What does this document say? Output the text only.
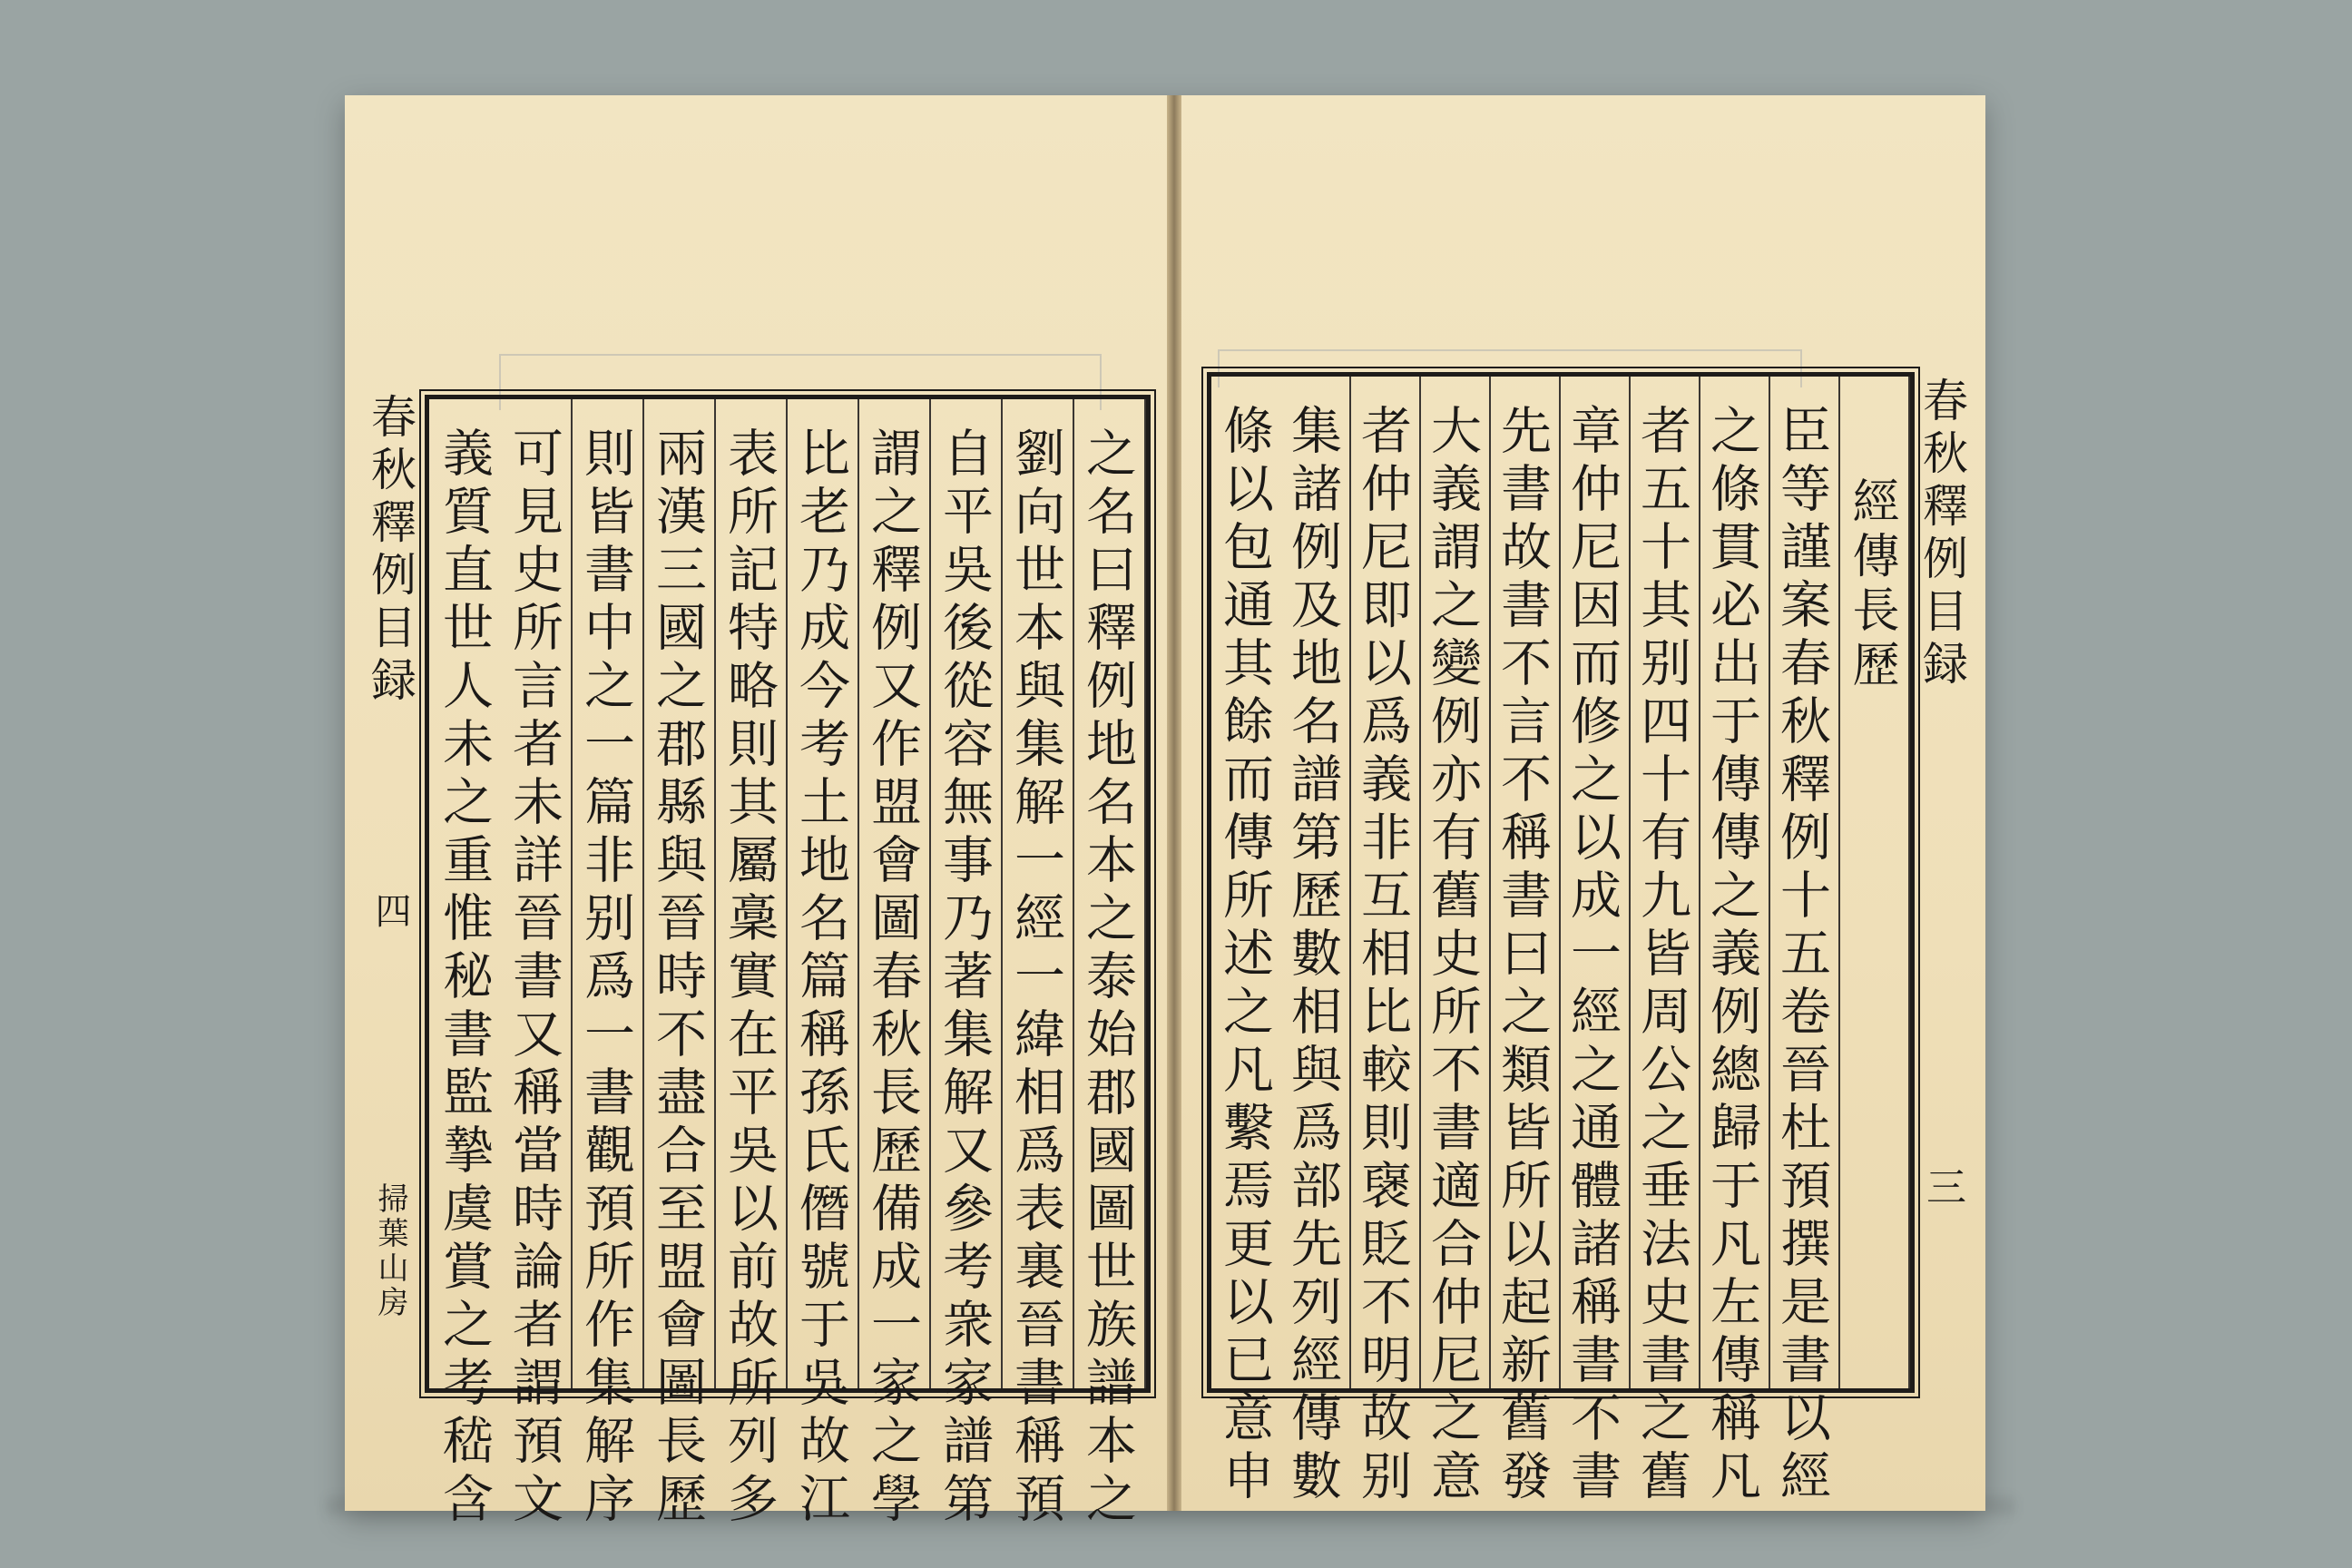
春秋釋例目録
四
掃葉山房	之名曰釋例地名本之泰始郡國圖世族譜本之
劉向世本與集解一經一緯相爲表裏晉書稱預
自平吳後從容無事乃著集解又參考衆家譜第
謂之釋例又作盟會圖春秋長歷備成一家之學
比老乃成今考土地名篇稱孫氏僭號于吳故江
表所記特略則其屬稾實在平吳以前故所列多
兩漢三國之郡縣與晉時不盡合至盟會圖長歷
則皆書中之一篇非别爲一書觀預所作集解序
可見史所言者未詳晉書又稱當時論者謂預文
義質直世人未之重惟秘書監摯虞賞之考嵇含	經傳長歷
臣等謹案春秋釋例十五卷晉杜預撰是書以經
之條貫必出于傳傳之義例總歸于凡左傳稱凡
者五十其别四十有九皆周公之垂法史書之舊
章仲尼因而修之以成一經之通體諸稱書不書
先書故書不言不稱書曰之類皆所以起新舊發
大義謂之變例亦有舊史所不書適合仲尼之意
者仲尼即以爲義非互相比較則襃貶不明故别
集諸例及地名譜第歷數相與爲部先列經傳數
條以包通其餘而傳所述之凡繫焉更以已意申	春秋釋例目録
三
